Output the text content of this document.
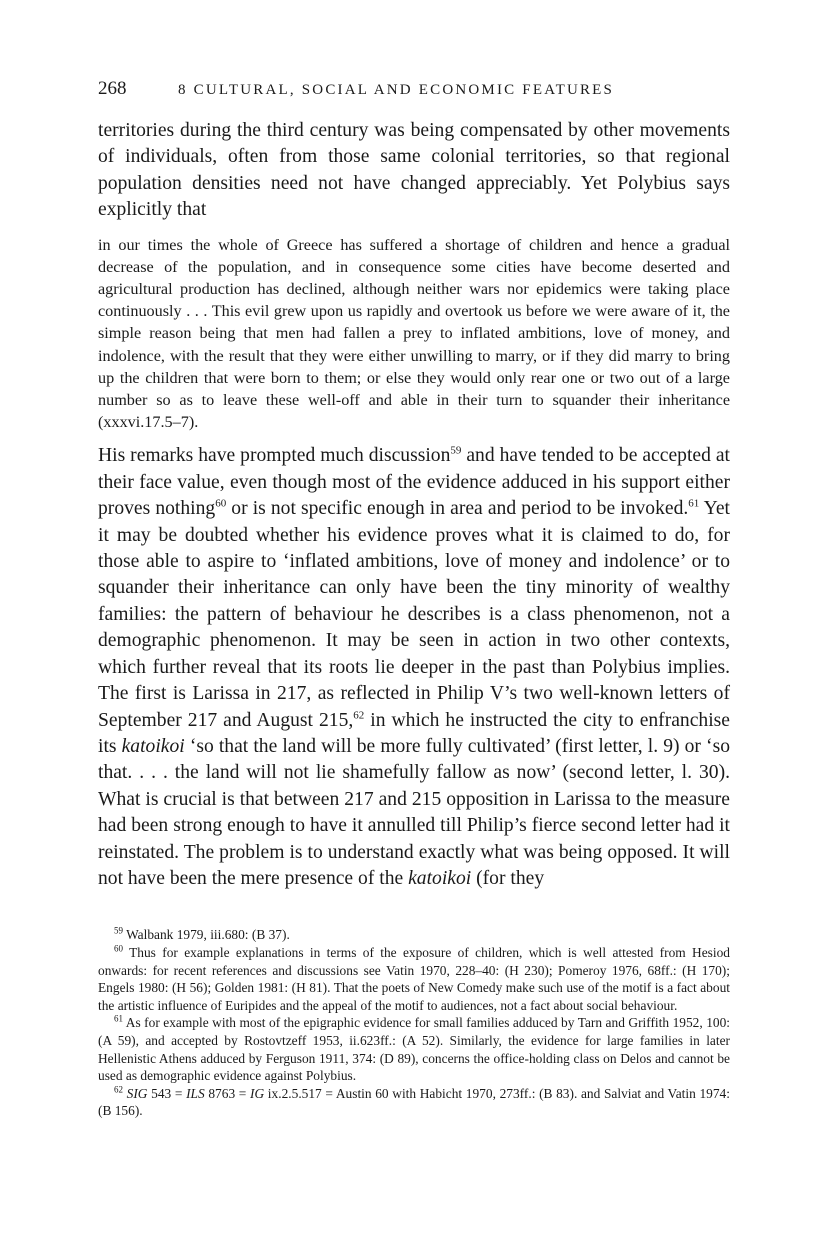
268	8 CULTURAL, SOCIAL AND ECONOMIC FEATURES

territories during the third century was being compensated by other movements of individuals, often from those same colonial territories, so that regional population densities need not have changed appreciably. Yet Polybius says explicitly that

in our times the whole of Greece has suffered a shortage of children and hence a gradual decrease of the population, and in consequence some cities have become deserted and agricultural production has declined, although neither wars nor epidemics were taking place continuously . . . This evil grew upon us rapidly and overtook us before we were aware of it, the simple reason being that men had fallen a prey to inflated ambitions, love of money, and indolence, with the result that they were either unwilling to marry, or if they did marry to bring up the children that were born to them; or else they would only rear one or two out of a large number so as to leave these well-off and able in their turn to squander their inheritance (xxxvi.17.5–7).

His remarks have prompted much discussion$^{59}$ and have tended to be accepted at their face value, even though most of the evidence adduced in his support either proves nothing$^{60}$ or is not specific enough in area and period to be invoked.$^{61}$ Yet it may be doubted whether his evidence proves what it is claimed to do, for those able to aspire to ‘inflated ambitions, love of money and indolence’ or to squander their inheritance can only have been the tiny minority of wealthy families: the pattern of behaviour he describes is a class phenomenon, not a demographic phenomenon. It may be seen in action in two other contexts, which further reveal that its roots lie deeper in the past than Polybius implies. The first is Larissa in 217, as reflected in Philip V’s two well-known letters of September 217 and August 215,62 in which he instructed the city to enfranchise its katoikoi ‘so that the land will be more fully cultivated’ (first letter, l. 9) or ‘so that. . . . the land will not lie shamefully fallow as now’ (second letter, l. 30). What is crucial is that between 217 and 215 opposition in Larissa to the measure had been strong enough to have it annulled till Philip’s fierce second letter had it reinstated. The problem is to understand exactly what was being opposed. It will not have been the mere presence of the katoikoi (for they

$^{59}$ Walbank 1979, iii.680: (B 37).

$^{60}$ Thus for example explanations in terms of the exposure of children, which is well attested from Hesiod onwards: for recent references and discussions see Vatin 1970, 228–40: (H 230); Pomeroy 1976, 68ff.: (H 170); Engels 1980: (H 56); Golden 1981: (H 81). That the poets of New Comedy make such use of the motif is a fact about the artistic influence of Euripides and the appeal of the motif to audiences, not a fact about social behaviour.

$^{61}$ As for example with most of the epigraphic evidence for small families adduced by Tarn and Griffith 1952, 100: (A 59), and accepted by Rostovtzeff 1953, ii.623ff.: (A 52). Similarly, the evidence for large families in later Hellenistic Athens adduced by Ferguson 1911, 374: (D 89), concerns the office-holding class on Delos and cannot be used as demographic evidence against Polybius.

$^{62}$ SIG 543 = ILS 8763 = IG ix.2.5.517 = Austin 60 with Habicht 1970, 273ff.: (B 83). and Salviat and Vatin 1974: (B 156).
